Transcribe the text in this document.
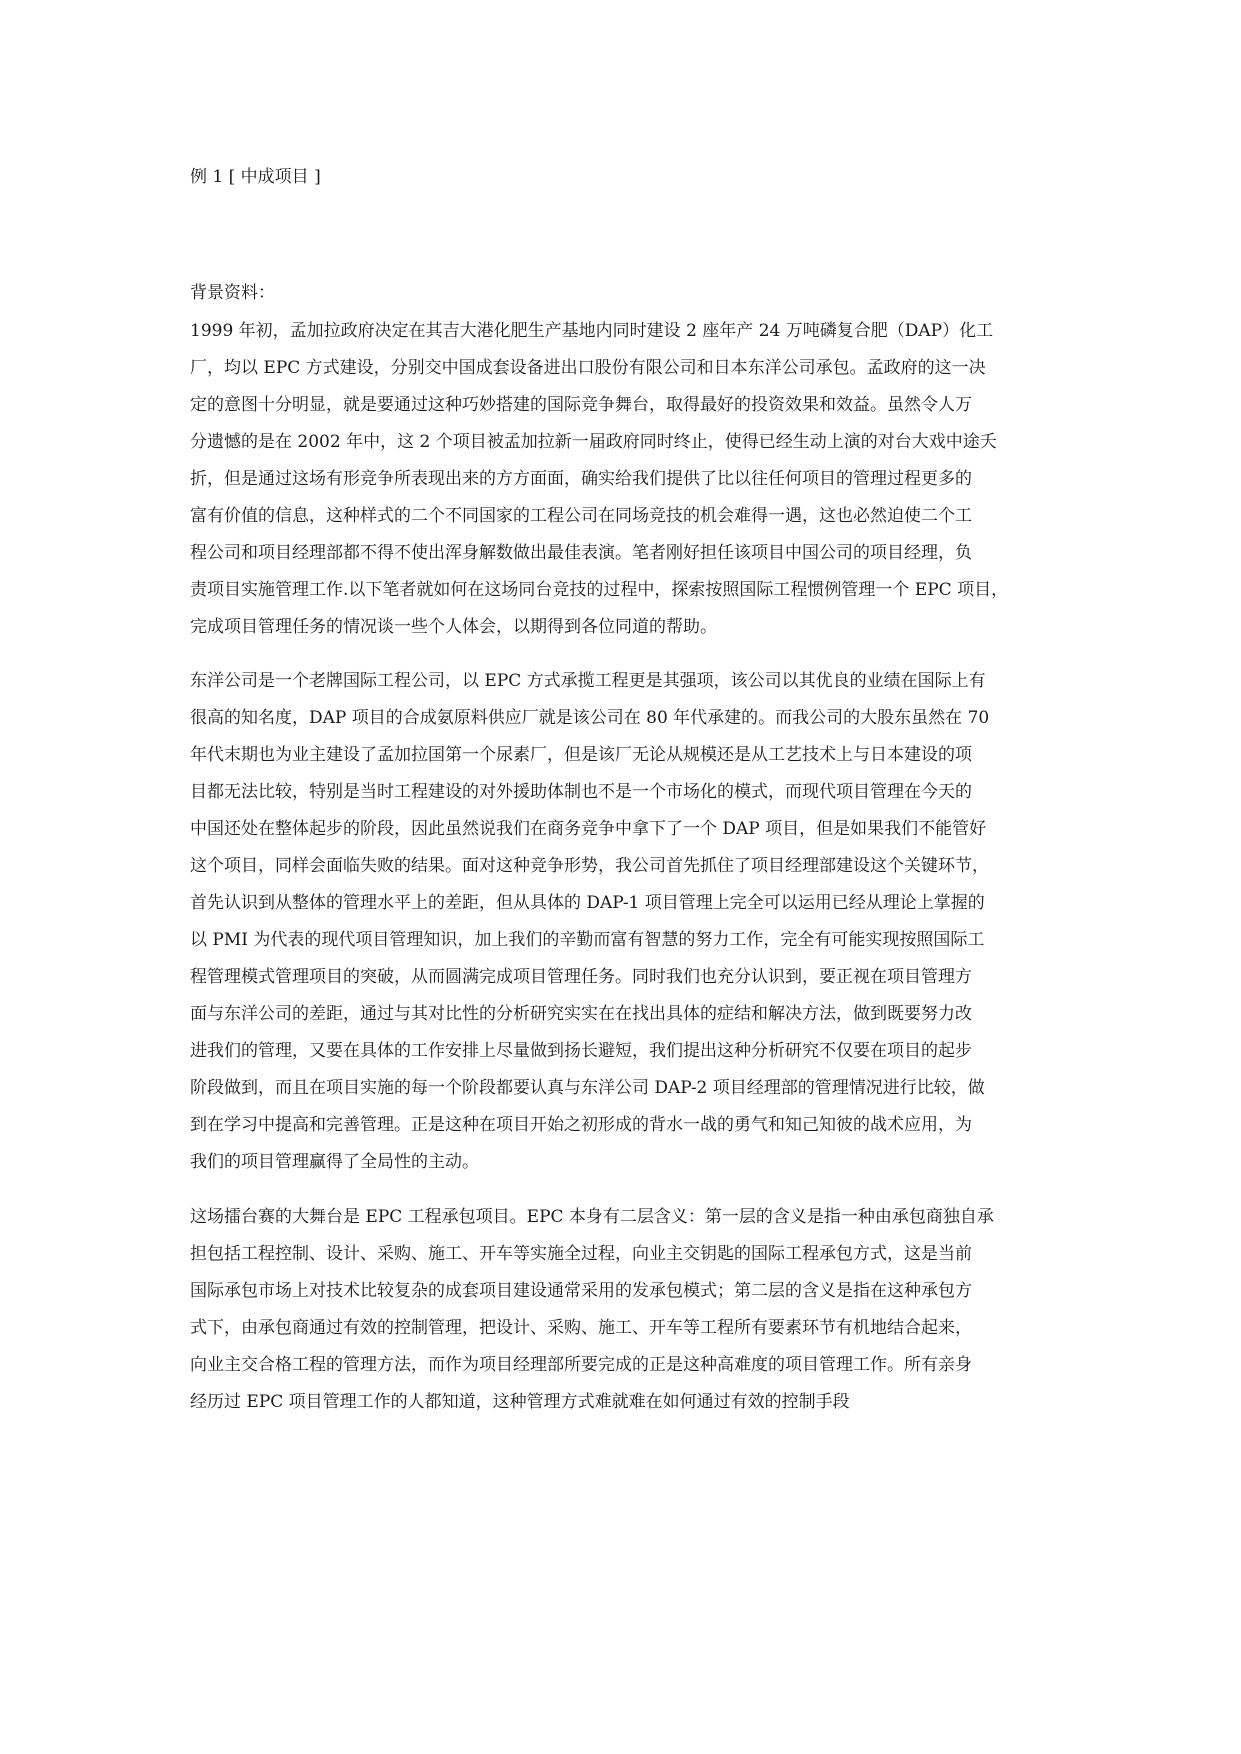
例 1 [ 中成项目 ]
背景资料：
1999 年初，孟加拉政府决定在其吉大港化肥生产基地内同时建设 2 座年产 24 万吨磷复合肥（DAP）化工
厂，均以 EPC 方式建设，分别交中国成套设备进出口股份有限公司和日本东洋公司承包。孟政府的这一决
定的意图十分明显，就是要通过这种巧妙搭建的国际竞争舞台，取得最好的投资效果和效益。虽然令人万
分遗憾的是在 2002 年中，这 2 个项目被孟加拉新一届政府同时终止，使得已经生动上演的对台大戏中途夭
折，但是通过这场有形竞争所表现出来的方方面面，确实给我们提供了比以往任何项目的管理过程更多的
富有价值的信息，这种样式的二个不同国家的工程公司在同场竞技的机会难得一遇，这也必然迫使二个工
程公司和项目经理部都不得不使出浑身解数做出最佳表演。笔者刚好担任该项目中国公司的项目经理，负
责项目实施管理工作.以下笔者就如何在这场同台竞技的过程中，探索按照国际工程惯例管理一个 EPC 项目，
完成项目管理任务的情况谈一些个人体会，以期得到各位同道的帮助。
东洋公司是一个老牌国际工程公司，以 EPC 方式承揽工程更是其强项，该公司以其优良的业绩在国际上有
很高的知名度，DAP 项目的合成氨原料供应厂就是该公司在 80 年代承建的。而我公司的大股东虽然在 70
年代末期也为业主建设了孟加拉国第一个尿素厂，但是该厂无论从规模还是从工艺技术上与日本建设的项
目都无法比较，特别是当时工程建设的对外援助体制也不是一个市场化的模式，而现代项目管理在今天的
中国还处在整体起步的阶段，因此虽然说我们在商务竞争中拿下了一个 DAP 项目，但是如果我们不能管好
这个项目，同样会面临失败的结果。面对这种竞争形势，我公司首先抓住了项目经理部建设这个关键环节，
首先认识到从整体的管理水平上的差距，但从具体的 DAP-1 项目管理上完全可以运用已经从理论上掌握的
以 PMI 为代表的现代项目管理知识，加上我们的辛勤而富有智慧的努力工作，完全有可能实现按照国际工
程管理模式管理项目的突破，从而圆满完成项目管理任务。同时我们也充分认识到，要正视在项目管理方
面与东洋公司的差距，通过与其对比性的分析研究实实在在找出具体的症结和解决方法，做到既要努力改
进我们的管理，又要在具体的工作安排上尽量做到扬长避短，我们提出这种分析研究不仅要在项目的起步
阶段做到，而且在项目实施的每一个阶段都要认真与东洋公司 DAP-2 项目经理部的管理情况进行比较，做
到在学习中提高和完善管理。正是这种在项目开始之初形成的背水一战的勇气和知己知彼的战术应用，为
我们的项目管理赢得了全局性的主动。
这场擂台赛的大舞台是 EPC 工程承包项目。EPC 本身有二层含义：第一层的含义是指一种由承包商独自承
担包括工程控制、设计、采购、施工、开车等实施全过程，向业主交钥匙的国际工程承包方式，这是当前
国际承包市场上对技术比较复杂的成套项目建设通常采用的发承包模式；第二层的含义是指在这种承包方
式下，由承包商通过有效的控制管理，把设计、采购、施工、开车等工程所有要素环节有机地结合起来，
向业主交合格工程的管理方法，而作为项目经理部所要完成的正是这种高难度的项目管理工作。所有亲身
经历过 EPC 项目管理工作的人都知道，这种管理方式难就难在如何通过有效的控制手段
